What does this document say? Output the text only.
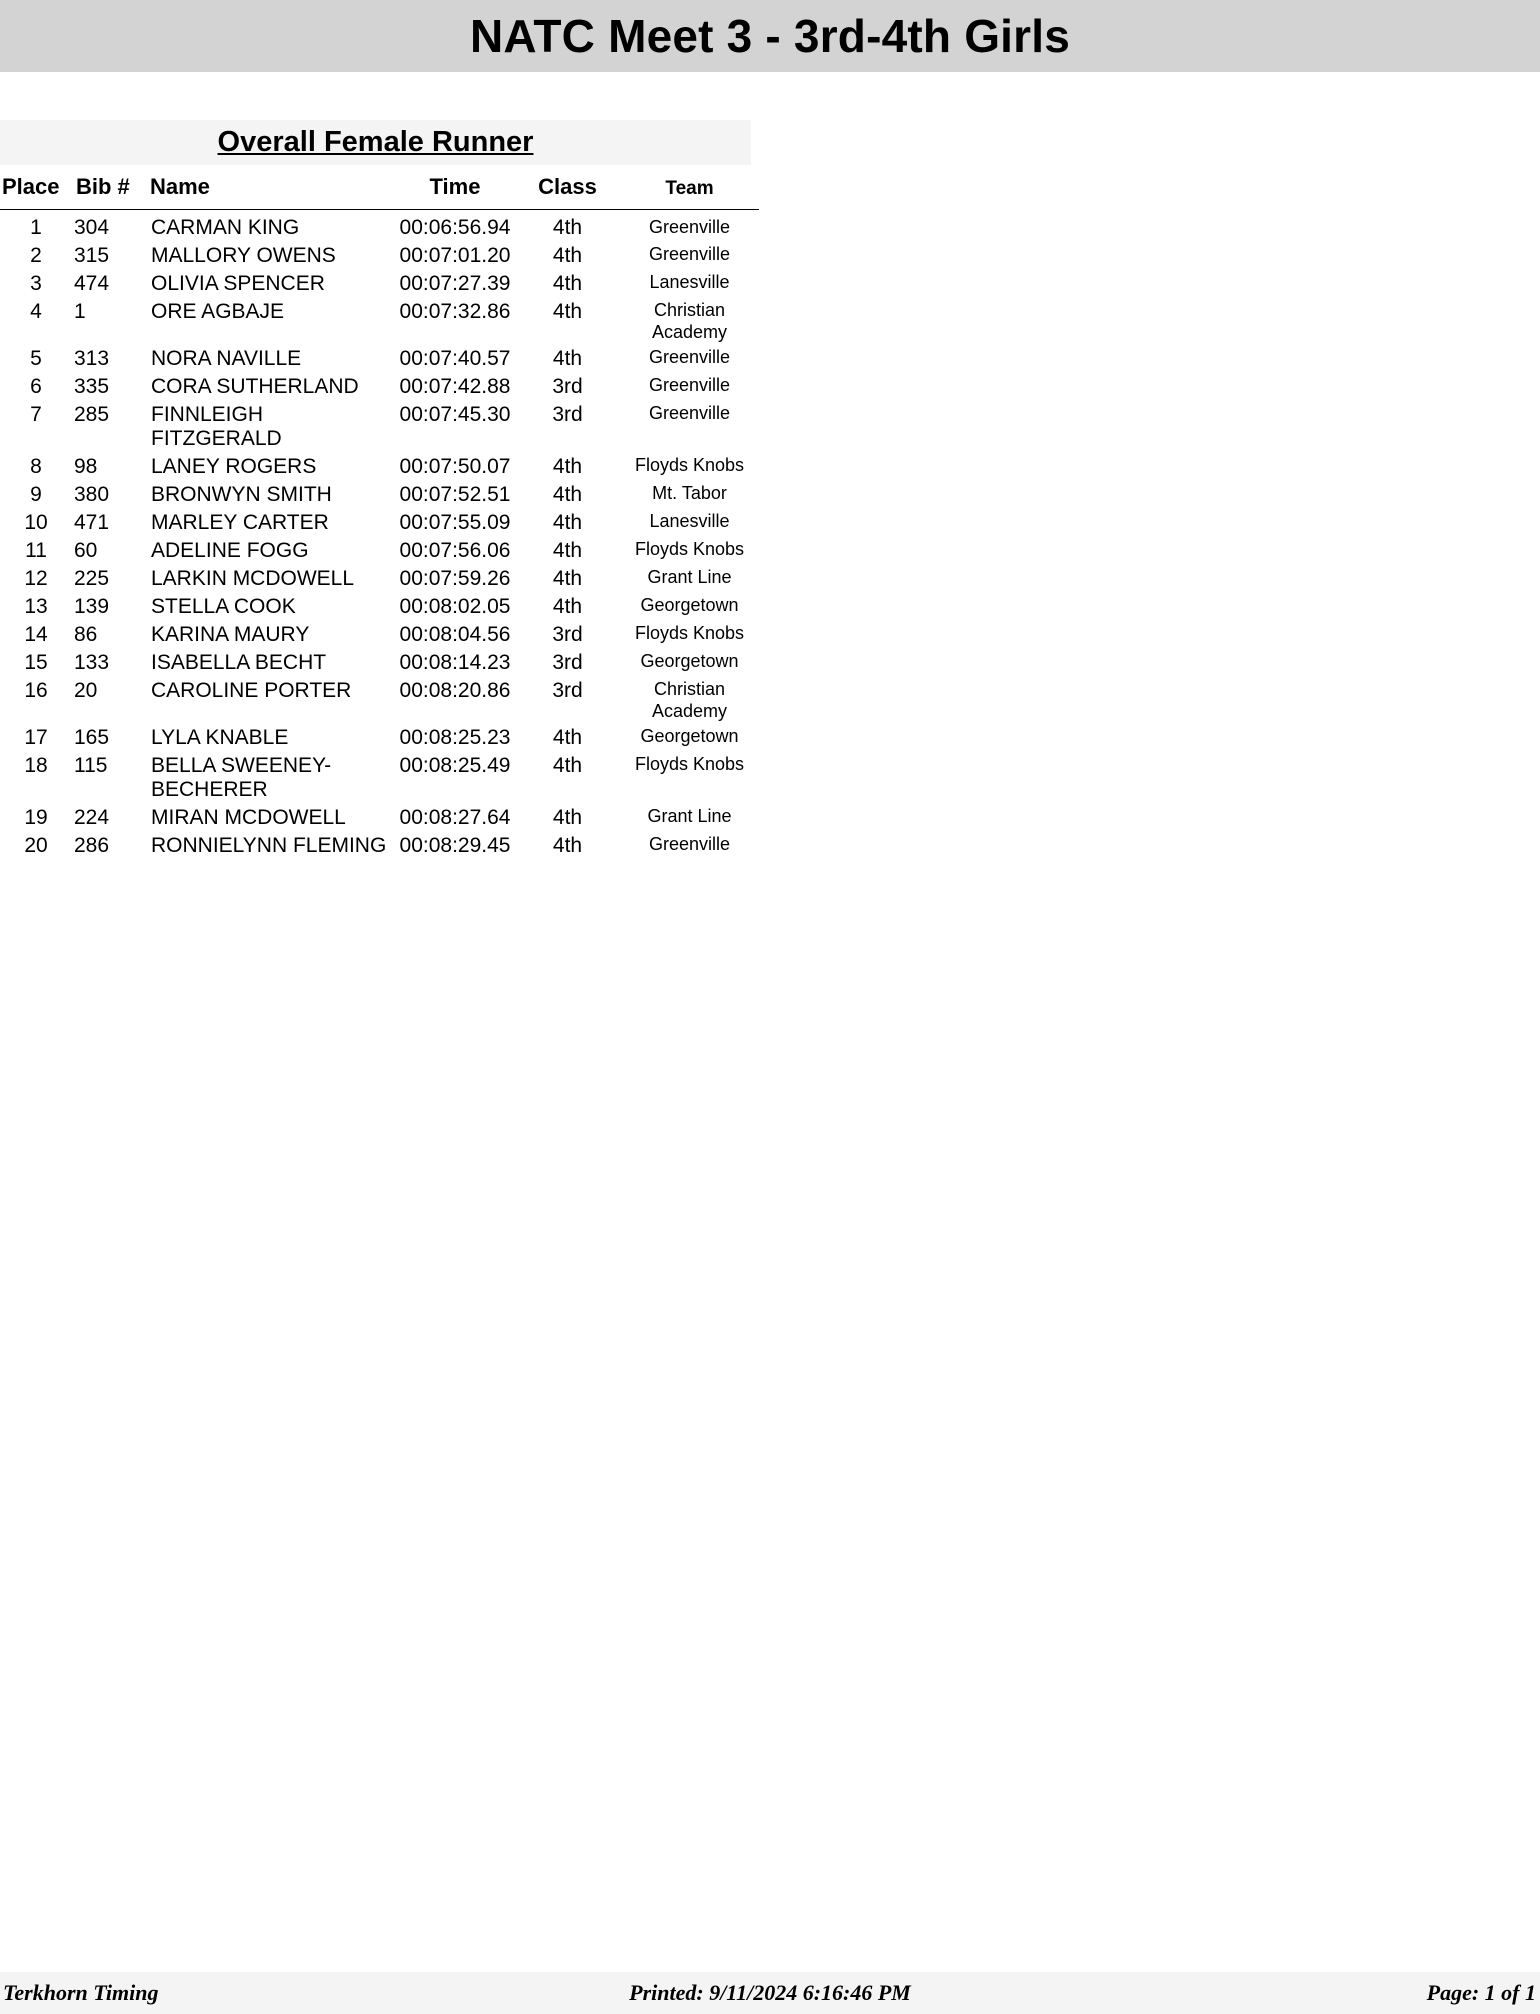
NATC Meet 3 - 3rd-4th Girls
Overall Female Runner
Place	Bib #	Name	Time	Class	Team
1	304	CARMAN KING	00:06:56.94	4th	Greenville
2	315	MALLORY OWENS	00:07:01.20	4th	Greenville
3	474	OLIVIA SPENCER	00:07:27.39	4th	Lanesville
4	1	ORE AGBAJE	00:07:32.86	4th	Christian Academy
5	313	NORA NAVILLE	00:07:40.57	4th	Greenville
6	335	CORA SUTHERLAND	00:07:42.88	3rd	Greenville
7	285	FINNLEIGH FITZGERALD	00:07:45.30	3rd	Greenville
8	98	LANEY ROGERS	00:07:50.07	4th	Floyds Knobs
9	380	BRONWYN SMITH	00:07:52.51	4th	Mt. Tabor
10	471	MARLEY CARTER	00:07:55.09	4th	Lanesville
11	60	ADELINE FOGG	00:07:56.06	4th	Floyds Knobs
12	225	LARKIN MCDOWELL	00:07:59.26	4th	Grant Line
13	139	STELLA COOK	00:08:02.05	4th	Georgetown
14	86	KARINA MAURY	00:08:04.56	3rd	Floyds Knobs
15	133	ISABELLA BECHT	00:08:14.23	3rd	Georgetown
16	20	CAROLINE PORTER	00:08:20.86	3rd	Christian Academy
17	165	LYLA KNABLE	00:08:25.23	4th	Georgetown
18	115	BELLA SWEENEY-BECHERER	00:08:25.49	4th	Floyds Knobs
19	224	MIRAN MCDOWELL	00:08:27.64	4th	Grant Line
20	286	RONNIELYNN FLEMING	00:08:29.45	4th	Greenville
Terkhorn Timing	Printed: 9/11/2024 6:16:46 PM	Page: 1 of 1
